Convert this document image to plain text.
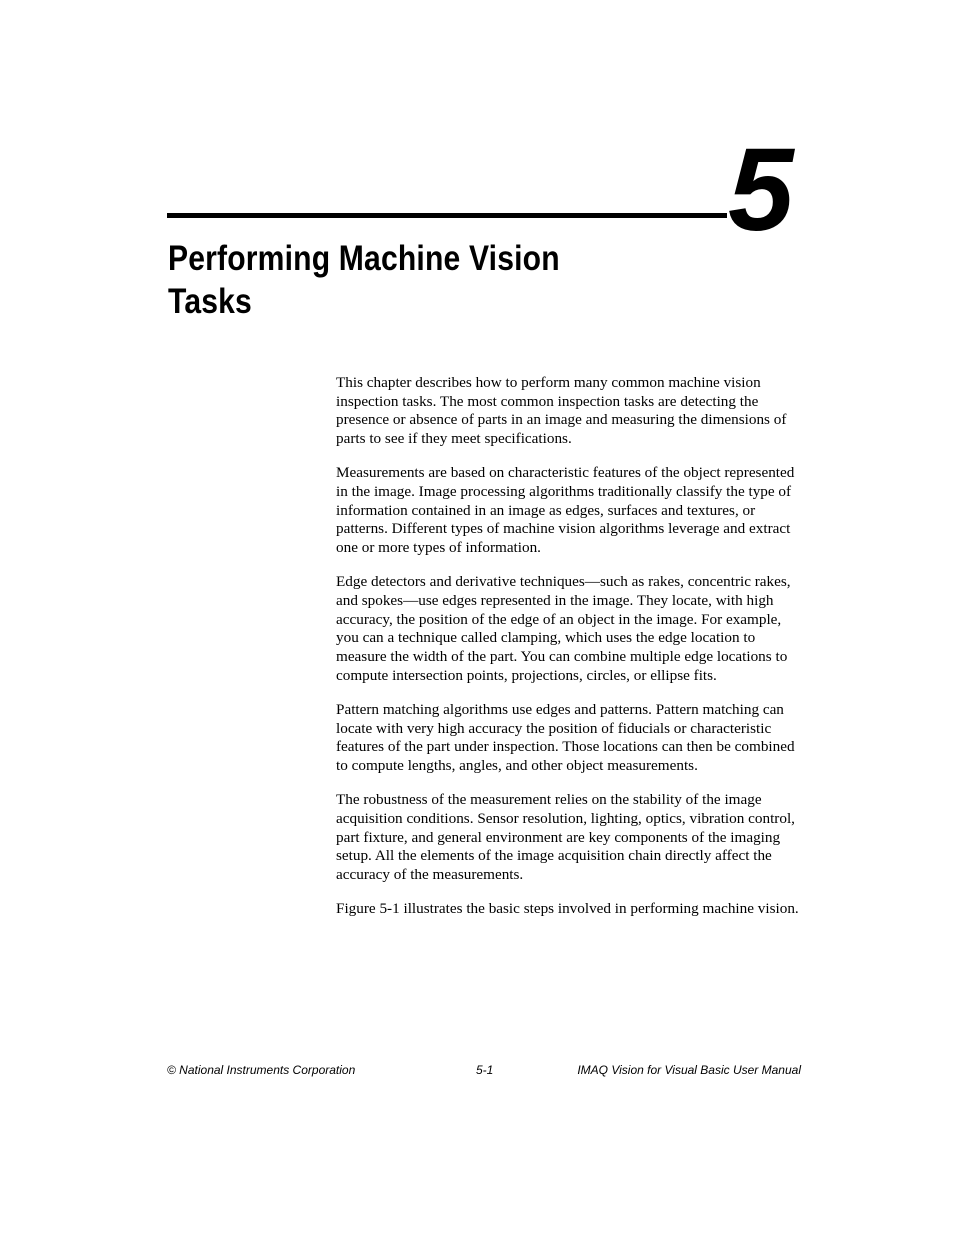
5
Performing Machine Vision
Tasks

This chapter describes how to perform many common machine vision inspection tasks. The most common inspection tasks are detecting the presence or absence of parts in an image and measuring the dimensions of parts to see if they meet specifications.

Measurements are based on characteristic features of the object represented in the image. Image processing algorithms traditionally classify the type of information contained in an image as edges, surfaces and textures, or patterns. Different types of machine vision algorithms leverage and extract one or more types of information.

Edge detectors and derivative techniques—such as rakes, concentric rakes, and spokes—use edges represented in the image. They locate, with high accuracy, the position of the edge of an object in the image. For example, you can a technique called clamping, which uses the edge location to measure the width of the part. You can combine multiple edge locations to compute intersection points, projections, circles, or ellipse fits.

Pattern matching algorithms use edges and patterns. Pattern matching can locate with very high accuracy the position of fiducials or characteristic features of the part under inspection. Those locations can then be combined to compute lengths, angles, and other object measurements.

The robustness of the measurement relies on the stability of the image acquisition conditions. Sensor resolution, lighting, optics, vibration control, part fixture, and general environment are key components of the imaging setup. All the elements of the image acquisition chain directly affect the accuracy of the measurements.

Figure 5-1 illustrates the basic steps involved in performing machine vision.

© National Instruments Corporation	5-1	IMAQ Vision for Visual Basic User Manual
